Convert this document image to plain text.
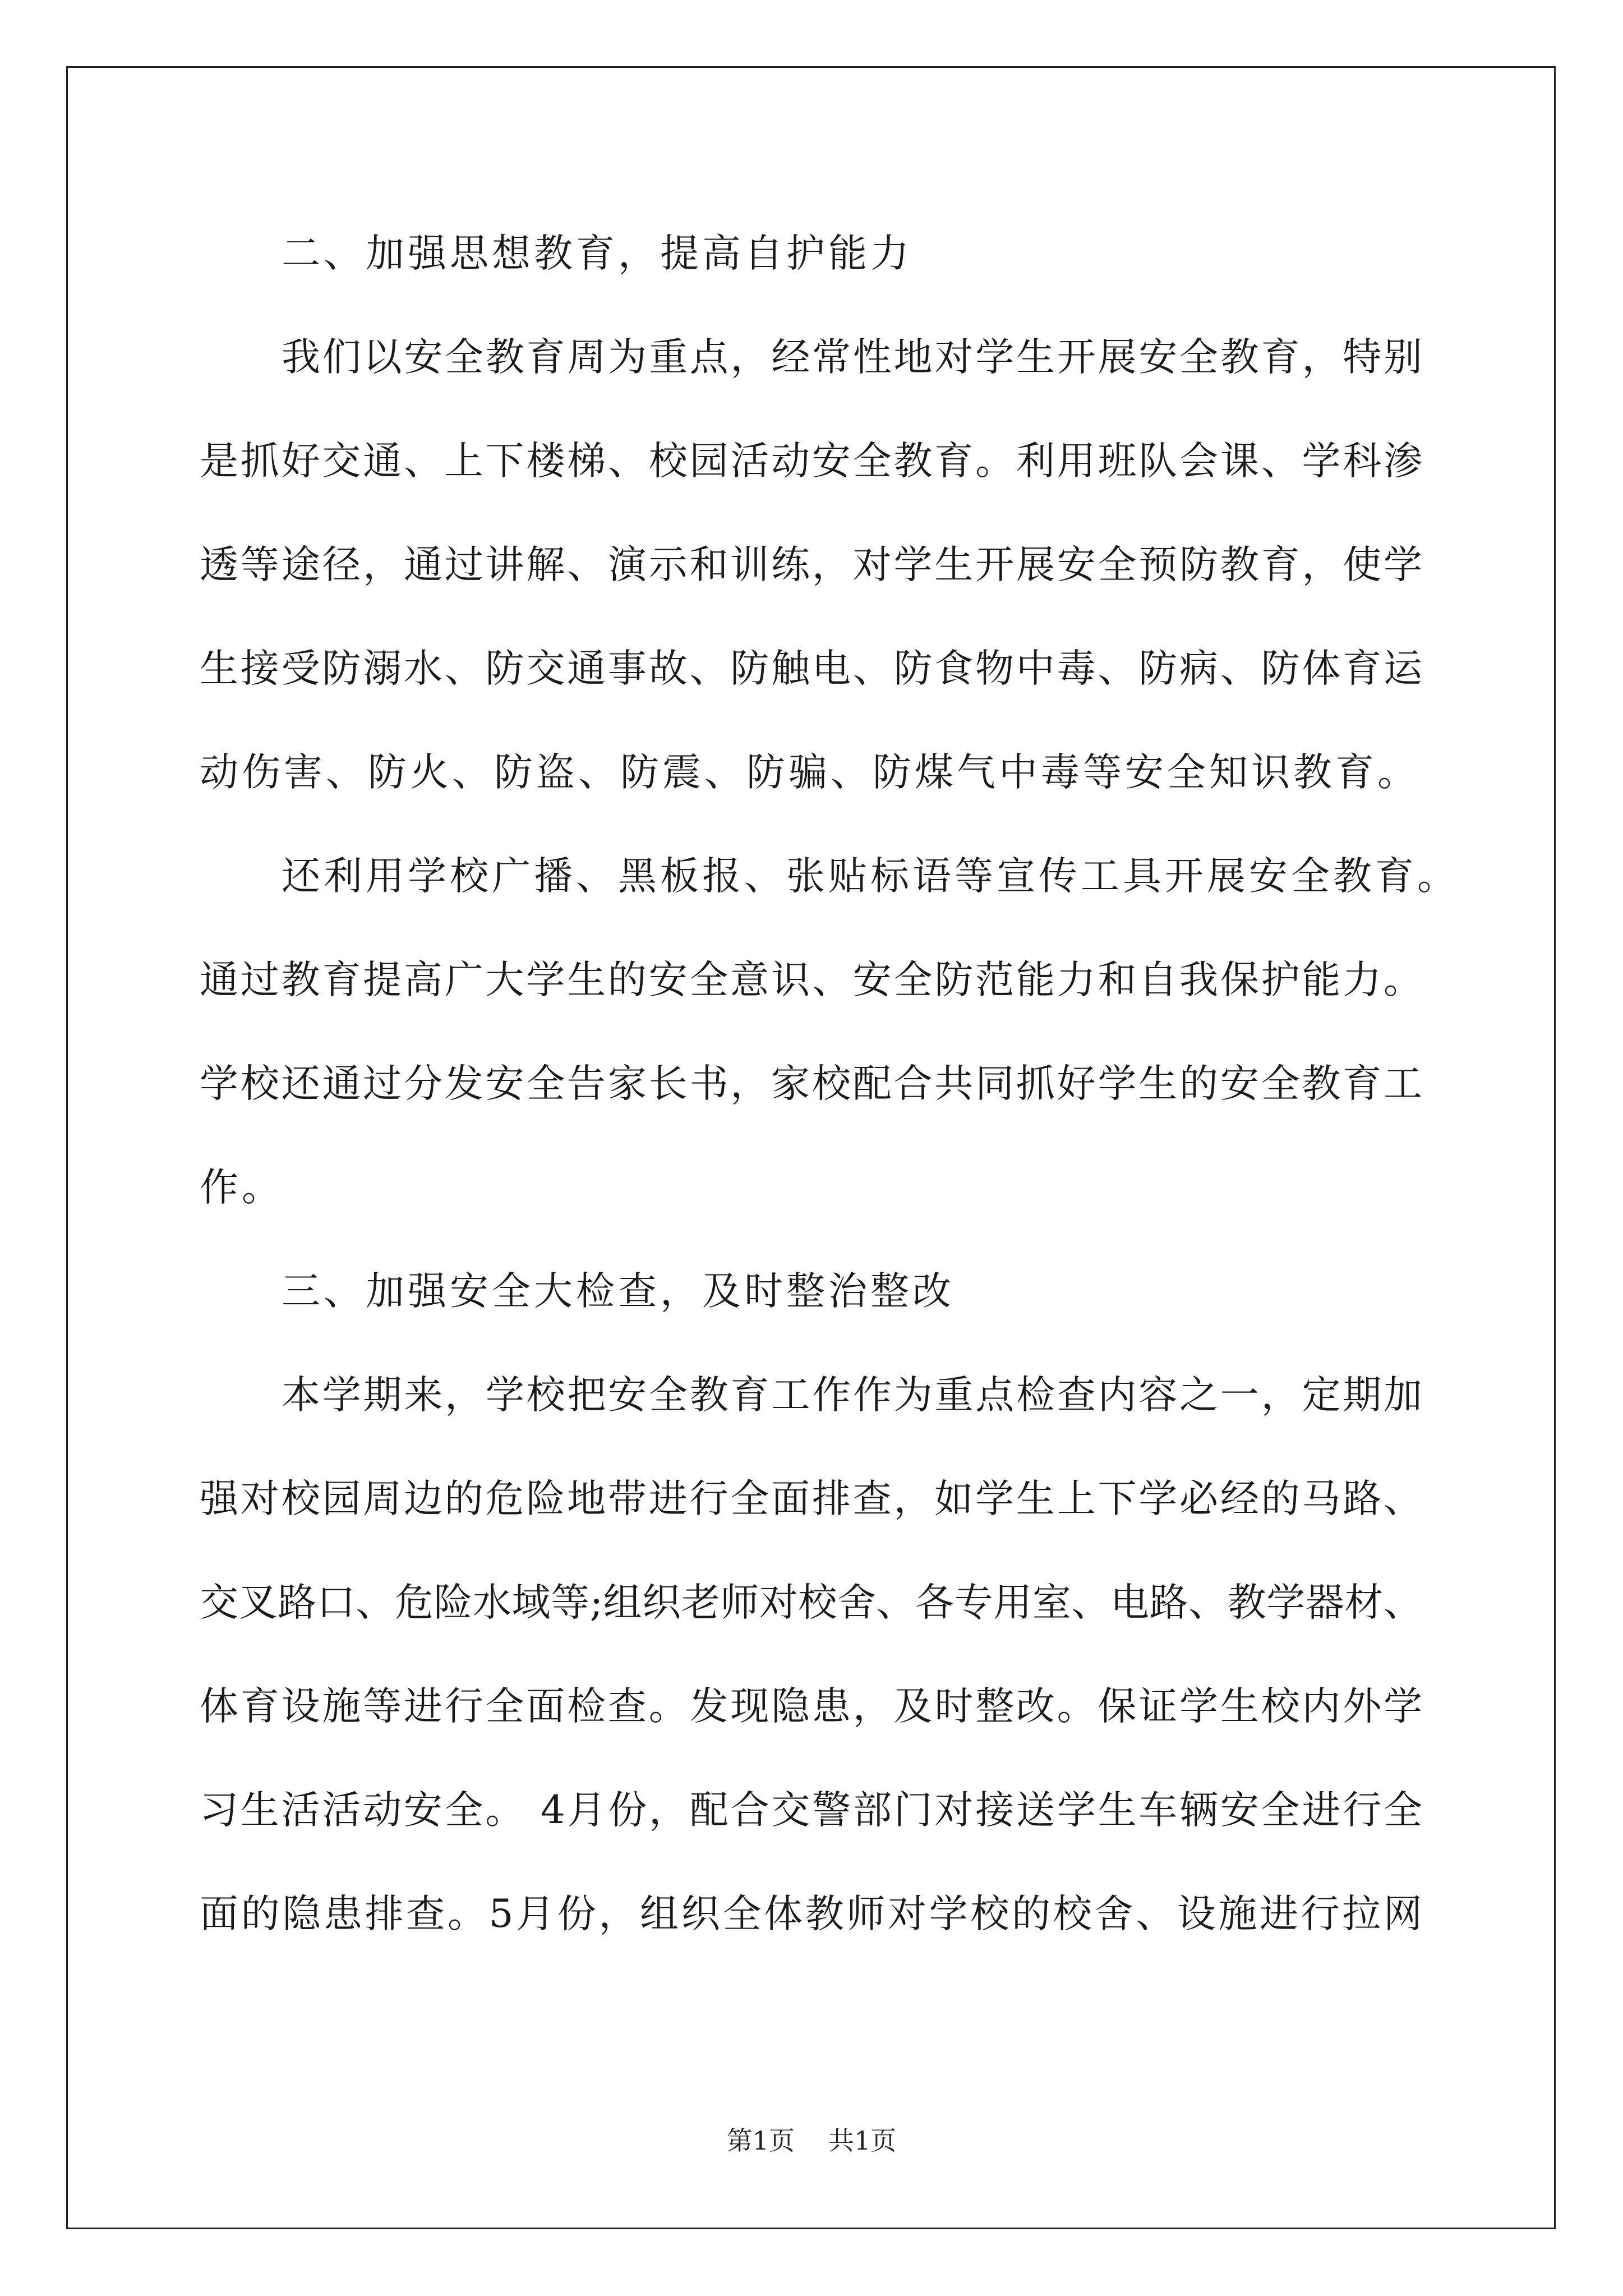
二、加强思想教育，提高自护能力
我们以安全教育周为重点，经常性地对学生开展安全教育，特别
是抓好交通、上下楼梯、校园活动安全教育。利用班队会课、学科渗
透等途径，通过讲解、演示和训练，对学生开展安全预防教育，使学
生接受防溺水、防交通事故、防触电、防食物中毒、防病、防体育运
动伤害、防火、防盗、防震、防骗、防煤气中毒等安全知识教育。
还利用学校广播、黑板报、张贴标语等宣传工具开展安全教育。
通过教育提高广大学生的安全意识、安全防范能力和自我保护能力。
学校还通过分发安全告家长书，家校配合共同抓好学生的安全教育工
作。
三、加强安全大检查，及时整治整改
本学期来，学校把安全教育工作作为重点检查内容之一，定期加
强对校园周边的危险地带进行全面排查，如学生上下学必经的马路、
交叉路口、危险水域等;组织老师对校舍、各专用室、电路、教学器材、
体育设施等进行全面检查。发现隐患，及时整改。保证学生校内外学
习生活活动安全。 4月份，配合交警部门对接送学生车辆安全进行全
面的隐患排查。5月份，组织全体教师对学校的校舍、设施进行拉网
第1页 共1页
